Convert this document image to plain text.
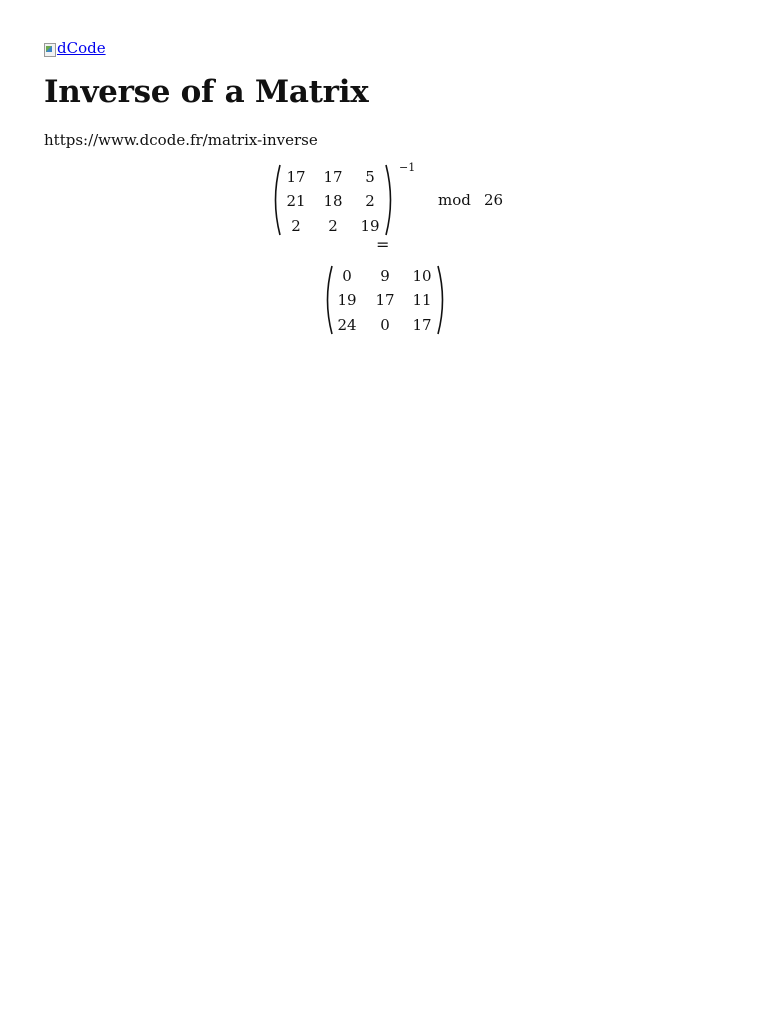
dCode
Inverse of a Matrix
https://www.dcode.fr/matrix-inverse
17	17	5
21	18	2
2	2	19
−1
mod 26
=
0	9	10
19	17	11
24	0	17
